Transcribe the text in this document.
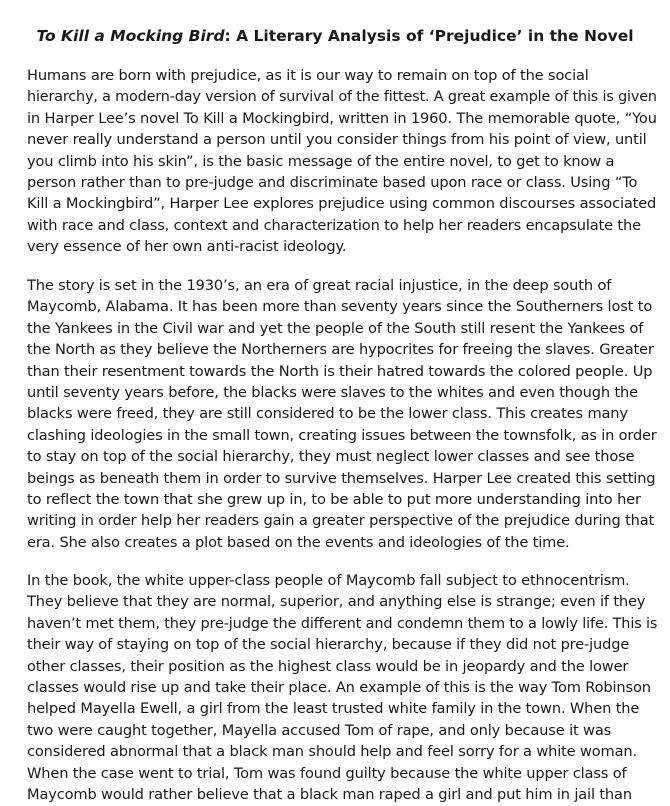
To Kill a Mocking Bird: A Literary Analysis of ‘Prejudice’ in the Novel

Humans are born with prejudice, as it is our way to remain on top of the social
hierarchy, a modern-day version of survival of the fittest. A great example of this is given
in Harper Lee’s novel To Kill a Mockingbird, written in 1960. The memorable quote, “You
never really understand a person until you consider things from his point of view, until
you climb into his skin”, is the basic message of the entire novel, to get to know a
person rather than to pre-judge and discriminate based upon race or class. Using “To
Kill a Mockingbird”, Harper Lee explores prejudice using common discourses associated
with race and class, context and characterization to help her readers encapsulate the
very essence of her own anti-racist ideology.

The story is set in the 1930’s, an era of great racial injustice, in the deep south of
Maycomb, Alabama. It has been more than seventy years since the Southerners lost to
the Yankees in the Civil war and yet the people of the South still resent the Yankees of
the North as they believe the Northerners are hypocrites for freeing the slaves. Greater
than their resentment towards the North is their hatred towards the colored people. Up
until seventy years before, the blacks were slaves to the whites and even though the
blacks were freed, they are still considered to be the lower class. This creates many
clashing ideologies in the small town, creating issues between the townsfolk, as in order
to stay on top of the social hierarchy, they must neglect lower classes and see those
beings as beneath them in order to survive themselves. Harper Lee created this setting
to reflect the town that she grew up in, to be able to put more understanding into her
writing in order help her readers gain a greater perspective of the prejudice during that
era. She also creates a plot based on the events and ideologies of the time.

In the book, the white upper-class people of Maycomb fall subject to ethnocentrism.
They believe that they are normal, superior, and anything else is strange; even if they
haven’t met them, they pre-judge the different and condemn them to a lowly life. This is
their way of staying on top of the social hierarchy, because if they did not pre-judge
other classes, their position as the highest class would be in jeopardy and the lower
classes would rise up and take their place. An example of this is the way Tom Robinson
helped Mayella Ewell, a girl from the least trusted white family in the town. When the
two were caught together, Mayella accused Tom of rape, and only because it was
considered abnormal that a black man should help and feel sorry for a white woman.
When the case went to trial, Tom was found guilty because the white upper class of
Maycomb would rather believe that a black man raped a girl and put him in jail than
